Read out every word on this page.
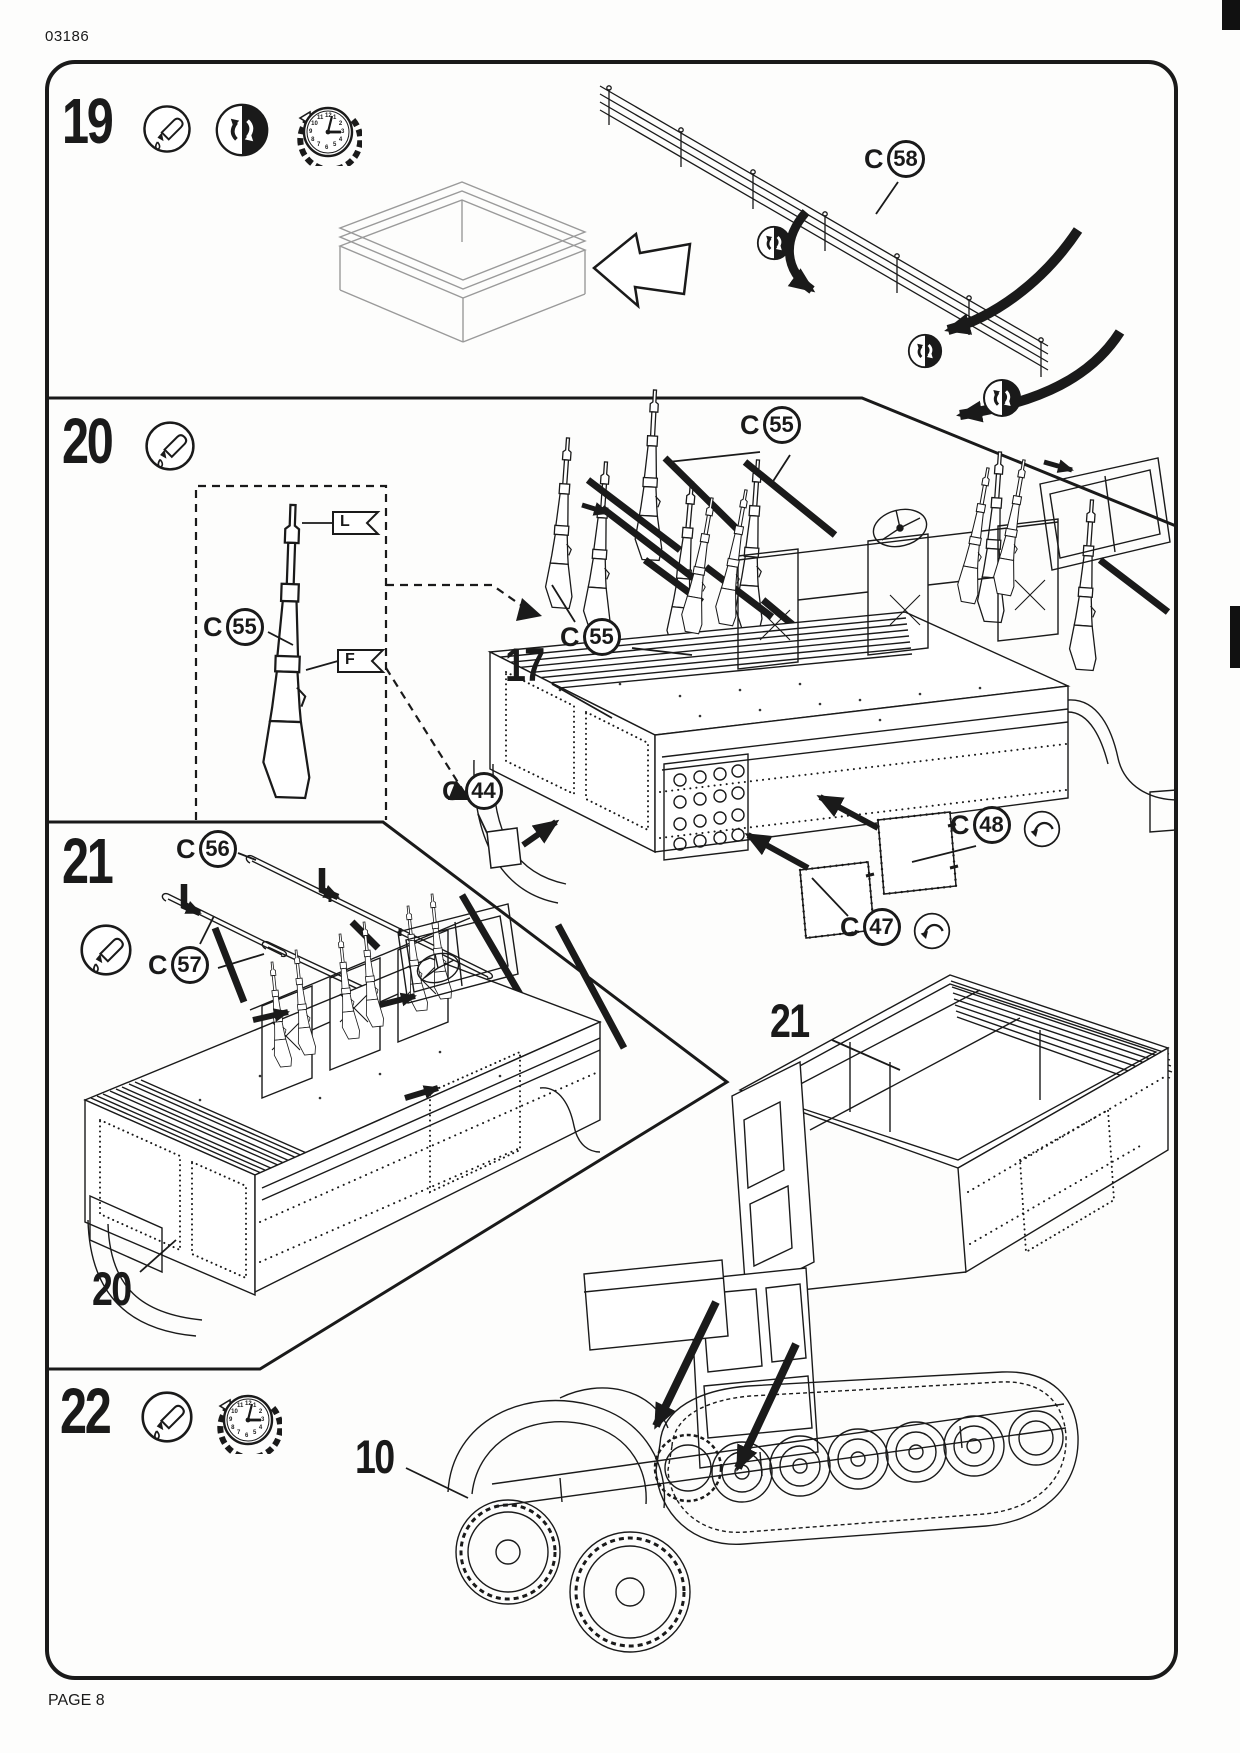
03186
19
20
21
22
17
20
21
10
C 58
C 55
C 55
C 55
C 44
C 48
C 47
C 56
C 57
L
F
12 1
2
3
4
5
6
7
8
9
10
11
12 1
2
3
4
5
6
7
8
9
10
11
PAGE 8
